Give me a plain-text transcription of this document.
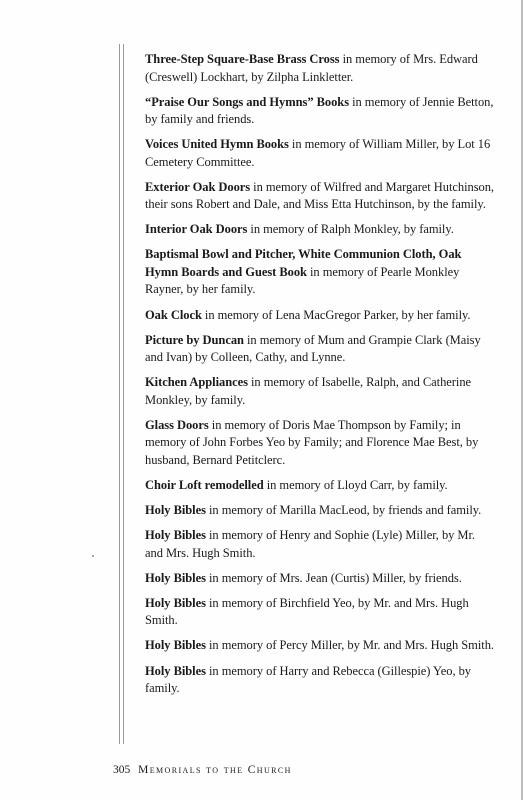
Three-Step Square-Base Brass Cross in memory of Mrs. Edward (Creswell) Lockhart, by Zilpha Linkletter.
“Praise Our Songs and Hymns” Books in memory of Jennie Betton, by family and friends.
Voices United Hymn Books in memory of William Miller, by Lot 16 Cemetery Committee.
Exterior Oak Doors in memory of Wilfred and Margaret Hutchinson, their sons Robert and Dale, and Miss Etta Hutchinson, by the family.
Interior Oak Doors in memory of Ralph Monkley, by family.
Baptismal Bowl and Pitcher, White Communion Cloth, Oak Hymn Boards and Guest Book in memory of Pearle Monkley Rayner, by her family.
Oak Clock in memory of Lena MacGregor Parker, by her family.
Picture by Duncan in memory of Mum and Grampie Clark (Maisy and Ivan) by Colleen, Cathy, and Lynne.
Kitchen Appliances in memory of Isabelle, Ralph, and Catherine Monkley, by family.
Glass Doors in memory of Doris Mae Thompson by Family; in memory of John Forbes Yeo by Family; and Florence Mae Best, by husband, Bernard Petitclerc.
Choir Loft remodelled in memory of Lloyd Carr, by family.
Holy Bibles in memory of Marilla MacLeod, by friends and family.
Holy Bibles in memory of Henry and Sophie (Lyle) Miller, by Mr. and Mrs. Hugh Smith.
Holy Bibles in memory of Mrs. Jean (Curtis) Miller, by friends.
Holy Bibles in memory of Birchfield Yeo, by Mr. and Mrs. Hugh Smith.
Holy Bibles in memory of Percy Miller, by Mr. and Mrs. Hugh Smith.
Holy Bibles in memory of Harry and Rebecca (Gillespie) Yeo, by family.
305 Memorials to the Church
